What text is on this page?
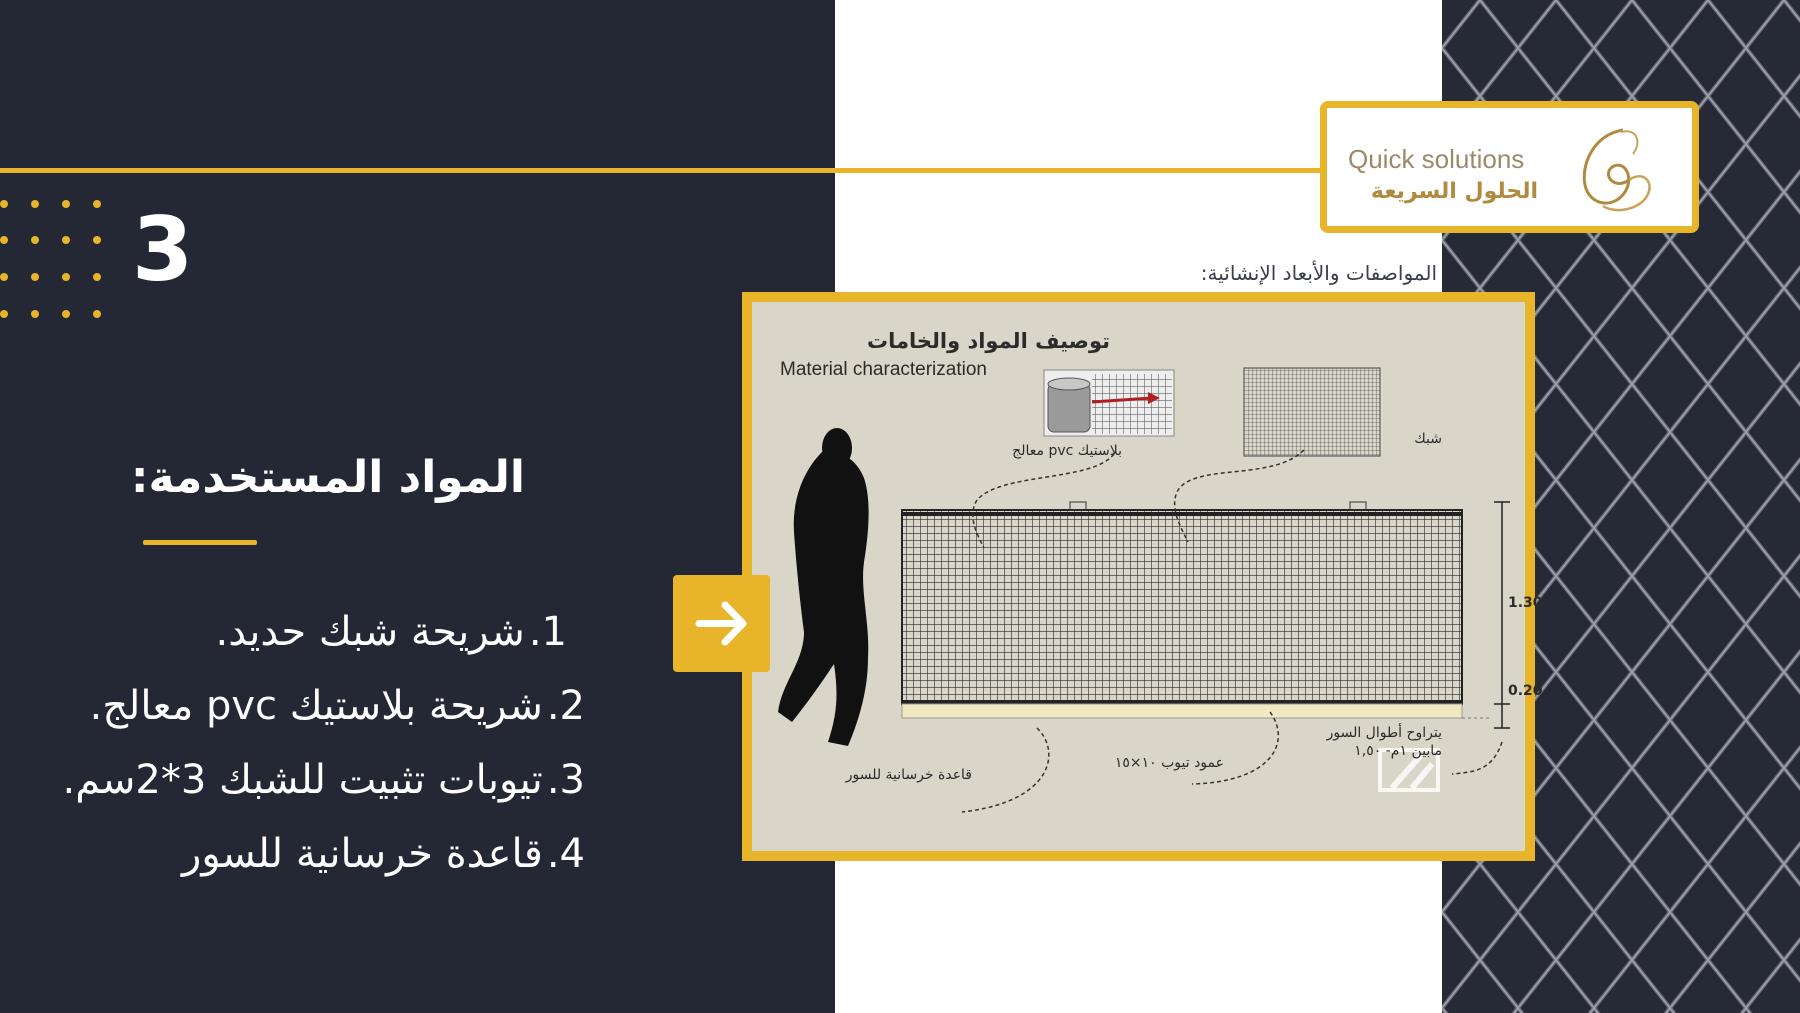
3
المواد المستخدمة:
1.شريحة شبك حديد.
2.شريحة بلاستيك pvc معالج.
3.تيوبات تثبيت للشبك 3*2سم.
4.قاعدة خرسانية للسور
Quick solutions
الحلول السريعة
المواصفات والأبعاد الإنشائية:
توصيف المواد والخامات
Material characterization
بلاستيك pvc معالج
شبك
1.30
0.20
قاعدة خرسانية للسور
عمود تيوب ١٠×١٥
يتراوح أطوال السور
مابين ١م- ١,٥٠
